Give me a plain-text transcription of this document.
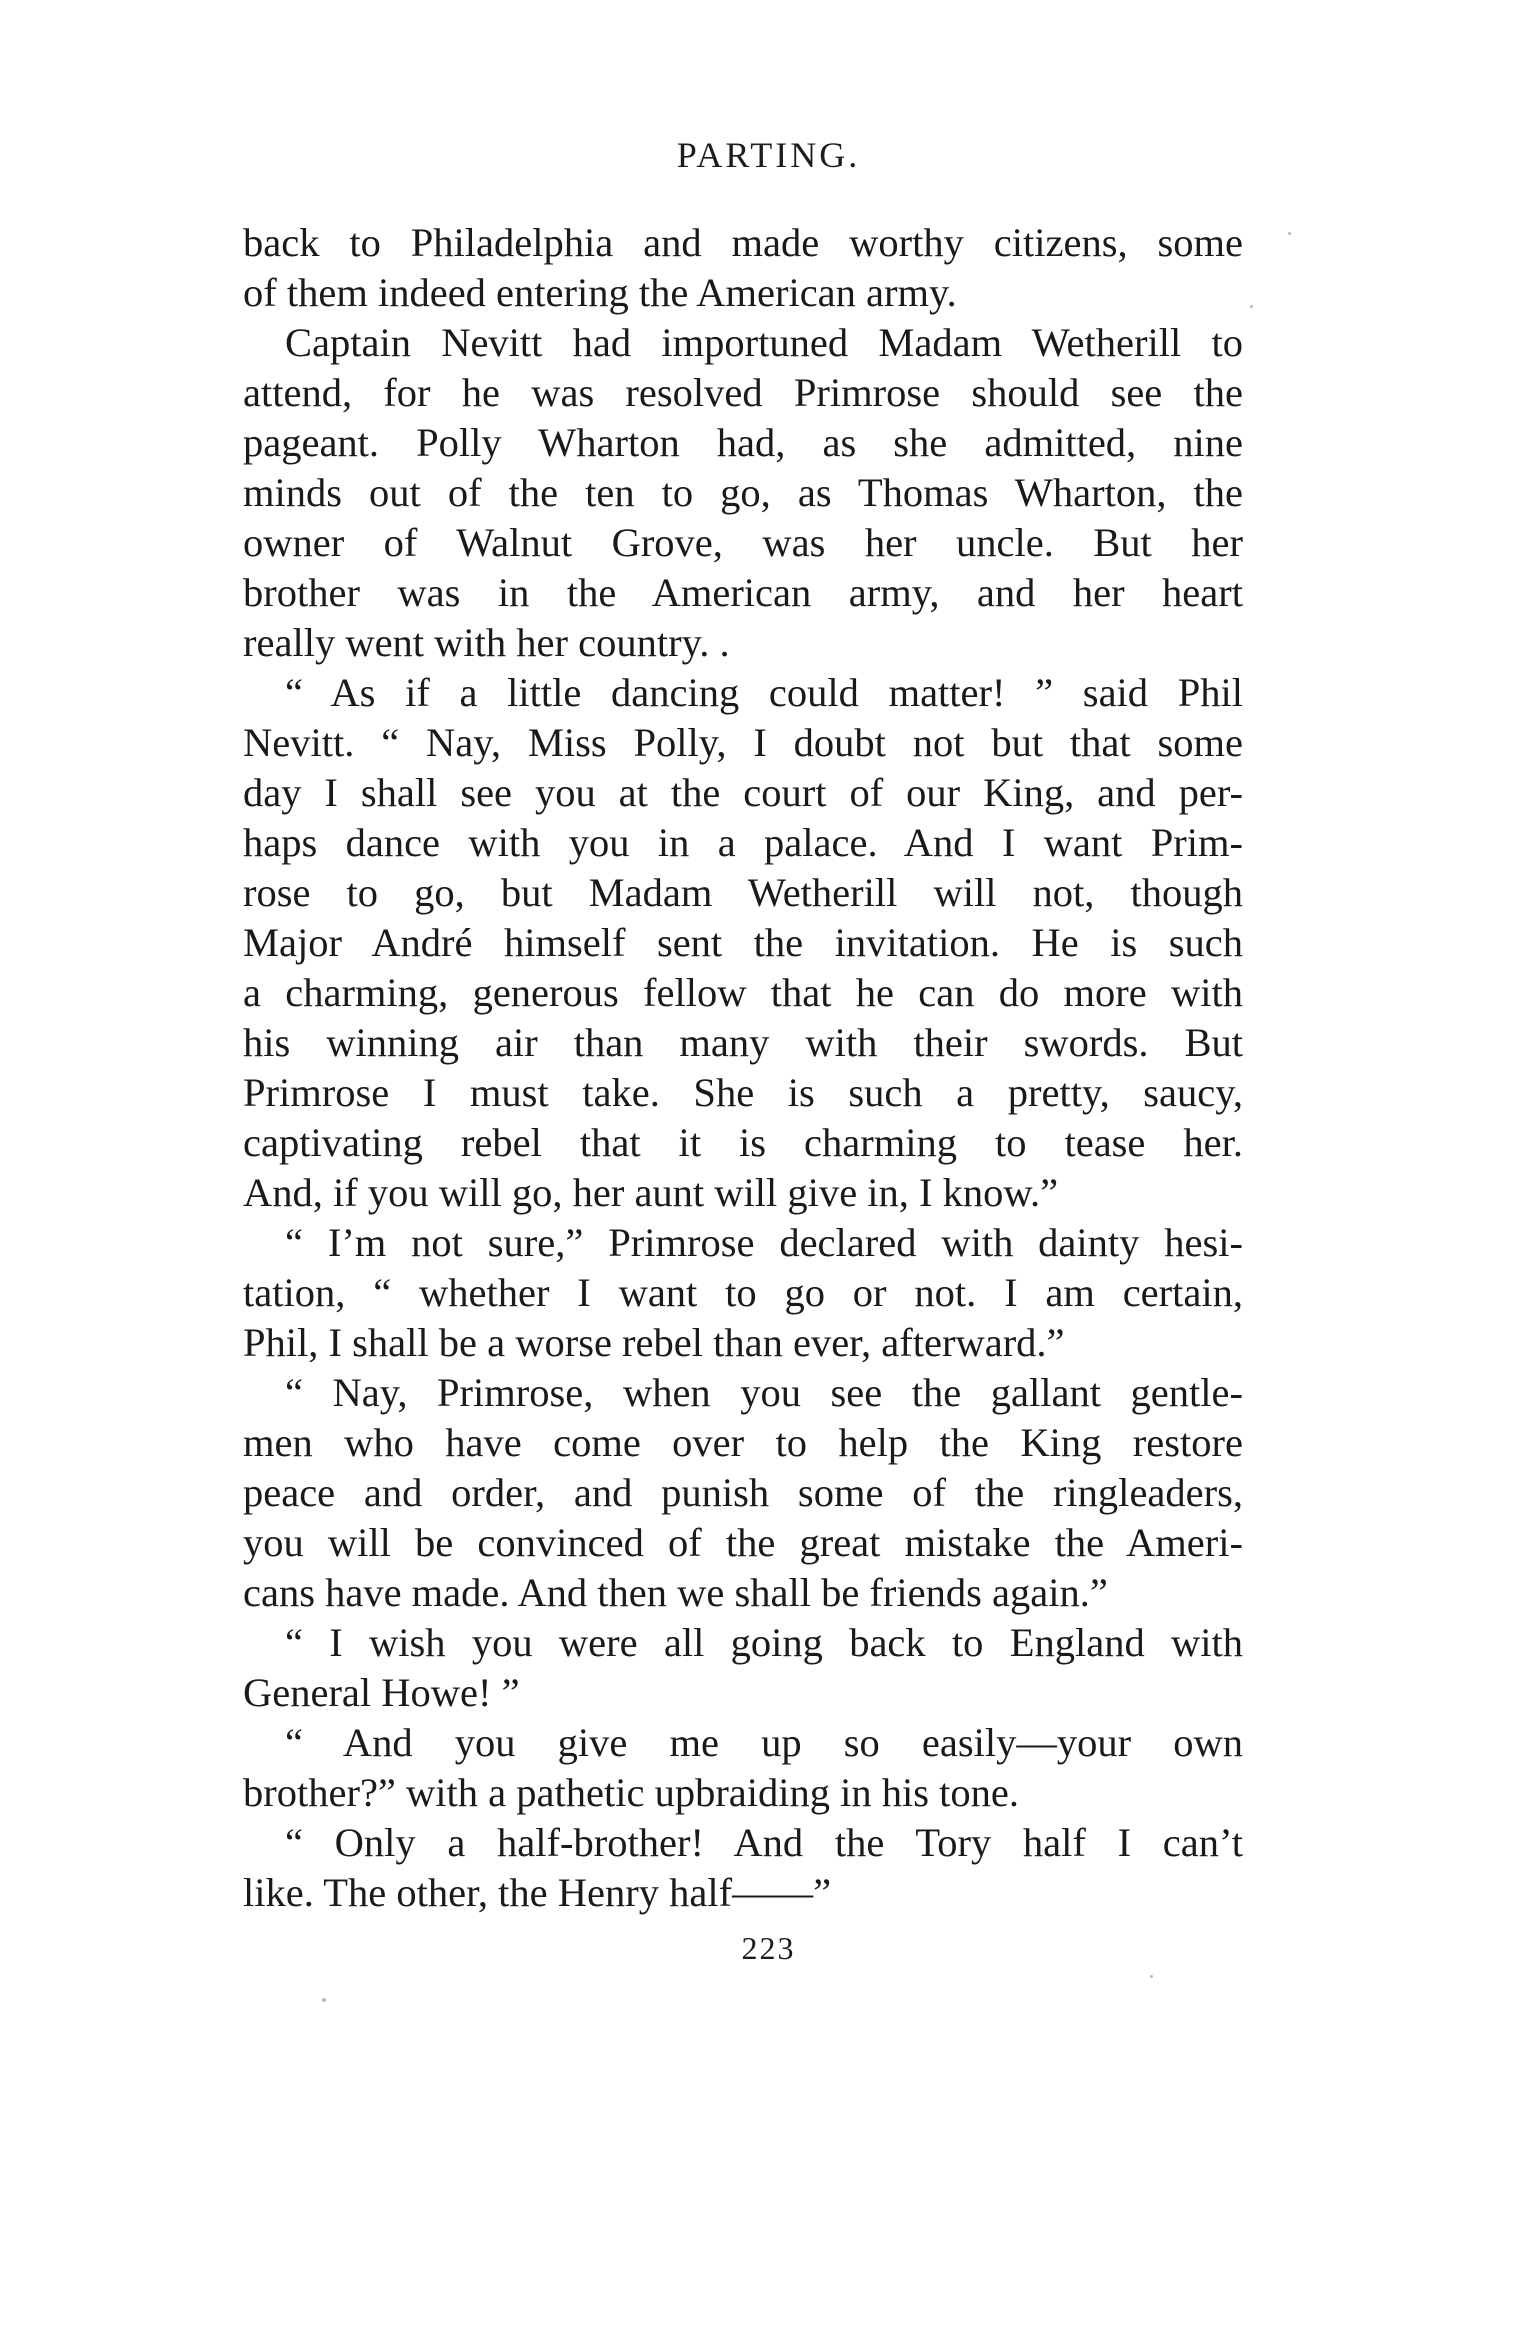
PARTING.
back to Philadelphia and made worthy citizens, some
of them indeed entering the American army.
Captain Nevitt had importuned Madam Wetherill to
attend, for he was resolved Primrose should see the
pageant. Polly Wharton had, as she admitted, nine
minds out of the ten to go, as Thomas Wharton, the
owner of Walnut Grove, was her uncle. But her
brother was in the American army, and her heart
really went with her country. .
“ As if a little dancing could matter! ” said Phil
Nevitt. “ Nay, Miss Polly, I doubt not but that some
day I shall see you at the court of our King, and per-
haps dance with you in a palace. And I want Prim-
rose to go, but Madam Wetherill will not, though
Major André himself sent the invitation. He is such
a charming, generous fellow that he can do more with
his winning air than many with their swords. But
Primrose I must take. She is such a pretty, saucy,
captivating rebel that it is charming to tease her.
And, if you will go, her aunt will give in, I know.”
“ I’m not sure,” Primrose declared with dainty hesi-
tation, “ whether I want to go or not. I am certain,
Phil, I shall be a worse rebel than ever, afterward.”
“ Nay, Primrose, when you see the gallant gentle-
men who have come over to help the King restore
peace and order, and punish some of the ringleaders,
you will be convinced of the great mistake the Ameri-
cans have made. And then we shall be friends again.”
“ I wish you were all going back to England with
General Howe! ”
“ And you give me up so easily—your own
brother?” with a pathetic upbraiding in his tone.
“ Only a half-brother! And the Tory half I can’t
like. The other, the Henry half——”
223
